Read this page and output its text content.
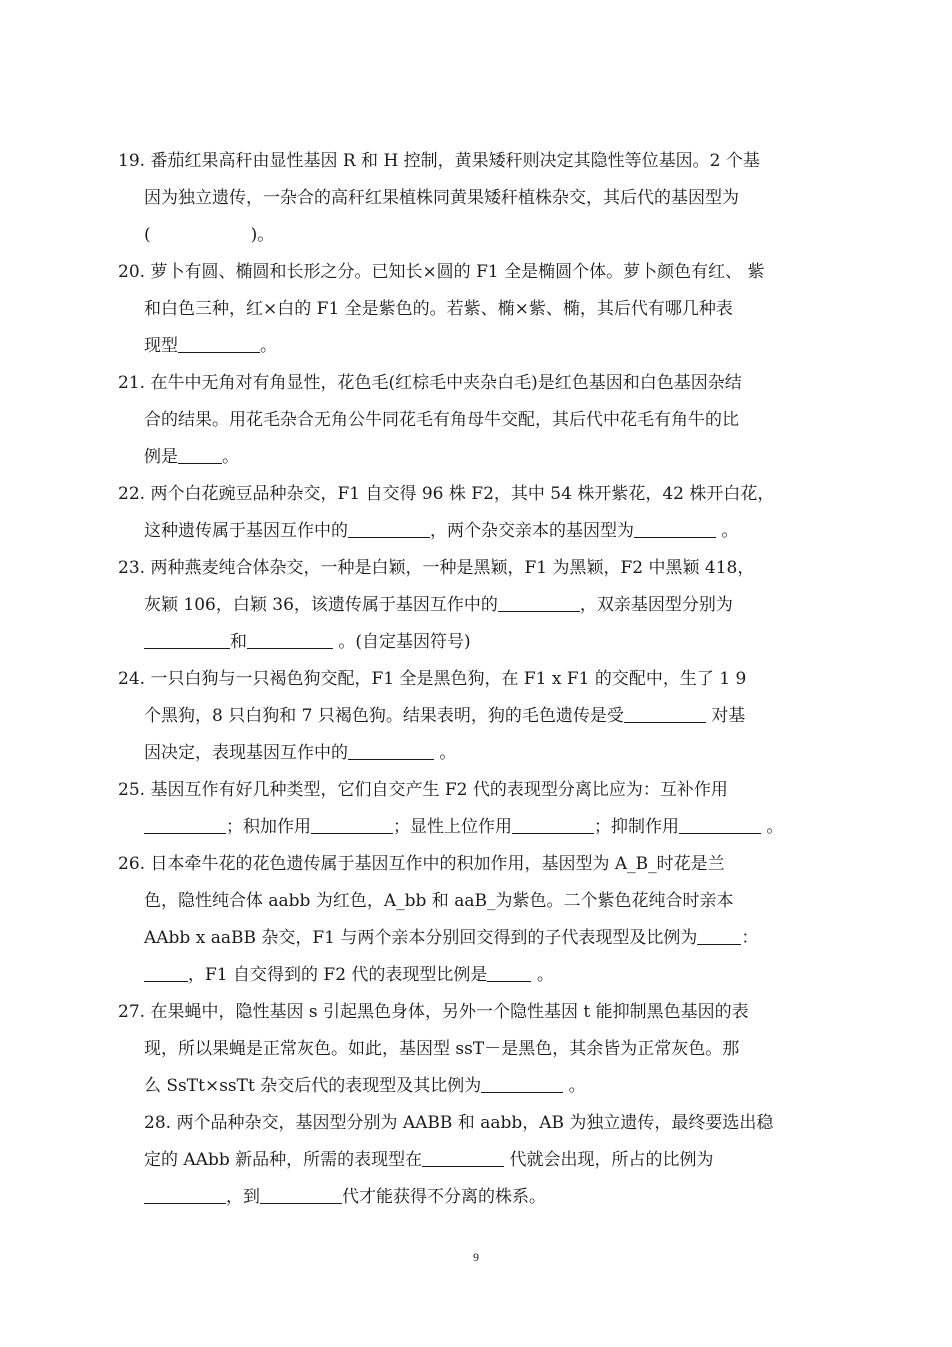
19. 番茄红果高秆由显性基因 R 和 H 控制，黄果矮秆则决定其隐性等位基因。2 个基
因为独立遗传，一杂合的高秆红果植株同黄果矮秆植株杂交，其后代的基因型为
(	)。
20. 萝卜有圆、椭圆和长形之分。已知长×圆的 F1 全是椭圆个体。萝卜颜色有红、 紫
和白色三种，红×白的 F1 全是紫色的。若紫、椭×紫、椭，其后代有哪几种表
现型	。
21. 在牛中无角对有角显性，花色毛(红棕毛中夹杂白毛)是红色基因和白色基因杂结
合的结果。用花毛杂合无角公牛同花毛有角母牛交配，其后代中花毛有角牛的比
例是	。
22. 两个白花豌豆品种杂交，F1 自交得 96 株 F2，其中 54 株开紫花，42 株开白花，
这种遗传属于基因互作中的	，两个杂交亲本的基因型为	。
23. 两种燕麦纯合体杂交，一种是白颖，一种是黑颖，F1 为黑颖，F2 中黑颖 418，
灰颖 106，白颖 36，该遗传属于基因互作中的	，双亲基因型分别为
和	。(自定基因符号)
24. 一只白狗与一只褐色狗交配，F1 全是黑色狗，在 F1 x F1 的交配中，生了 1 9
个黑狗，8 只白狗和 7 只褐色狗。结果表明，狗的毛色遗传是受	对基
因决定，表现基因互作中的	。
25. 基因互作有好几种类型，它们自交产生 F2 代的表现型分离比应为：互补作用
；积加作用	；显性上位作用	；抑制作用	。
26. 日本牵牛花的花色遗传属于基因互作中的积加作用，基因型为 A_B_时花是兰
色，隐性纯合体 aabb 为红色，A_bb 和 aaB_为紫色。二个紫色花纯合时亲本
AAbb x aaBB 杂交，F1 与两个亲本分别回交得到的子代表现型及比例为	：
，F1 自交得到的 F2 代的表现型比例是	。
27. 在果蝇中，隐性基因 s 引起黑色身体，另外一个隐性基因 t 能抑制黑色基因的表
现，所以果蝇是正常灰色。如此，基因型 ssT－是黑色，其余皆为正常灰色。那
么 SsTt×ssTt 杂交后代的表现型及其比例为	。
28. 两个品种杂交，基因型分别为 AABB 和 aabb，AB 为独立遗传，最终要选出稳
定的 AAbb 新品种，所需的表现型在	代就会出现，所占的比例为
，到	代才能获得不分离的株系。
9
